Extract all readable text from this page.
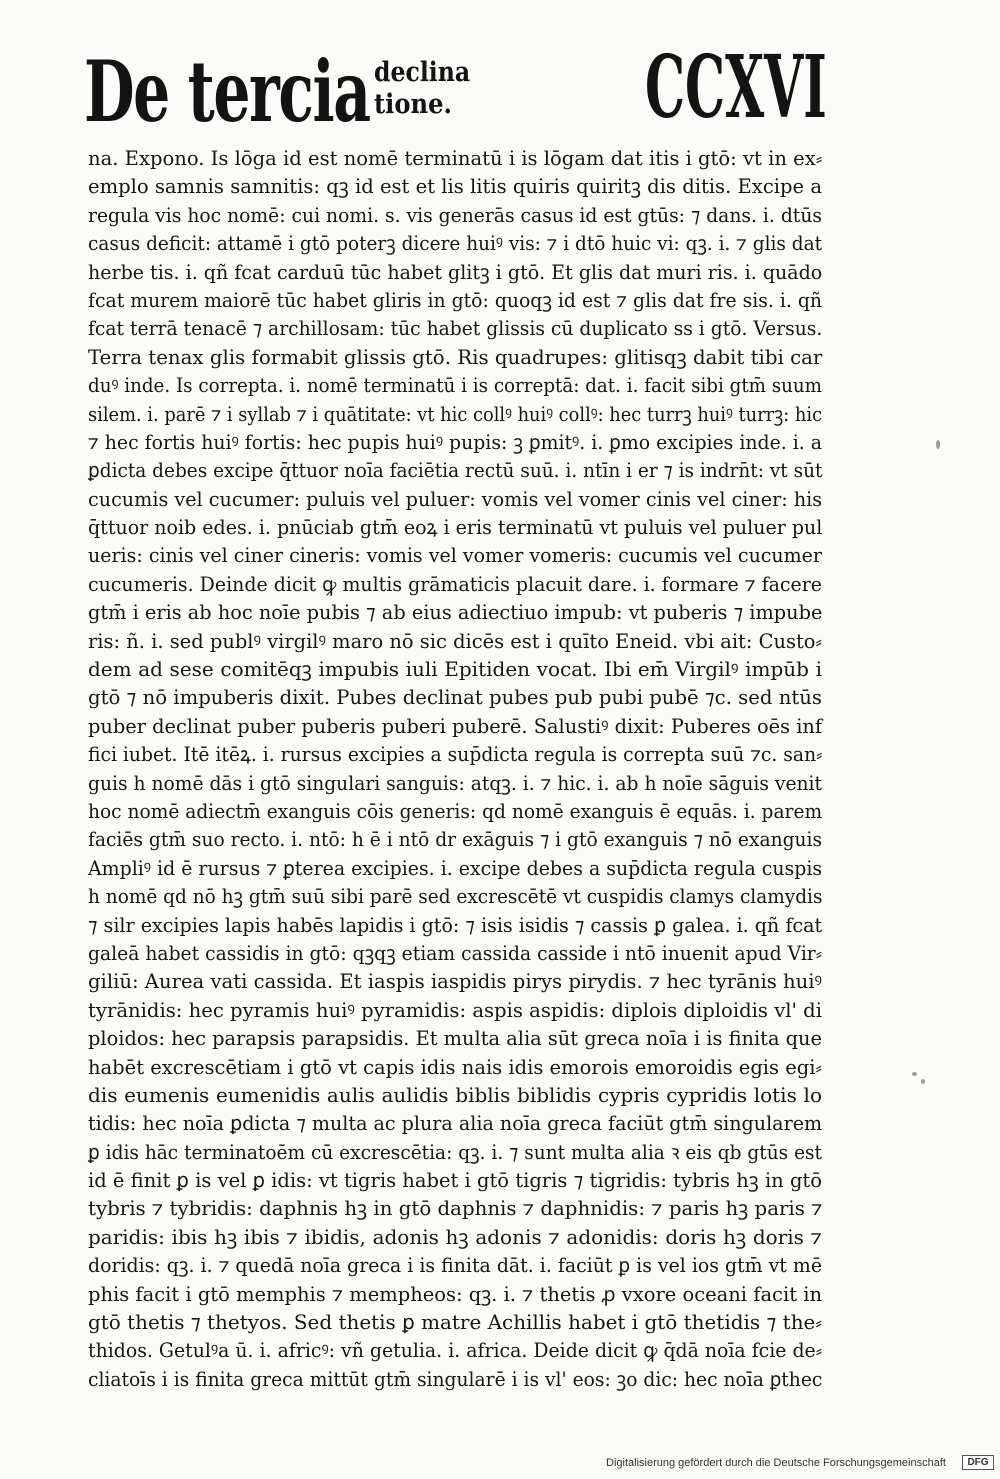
De tercia declina
tione. CCXVI
na. Expono. Is lōga id est nomē terminatū i is lōgam dat itis i gtō: vt in ex⸗
emplo samnis samnitis: qꝫ id est et lis litis quiris quiritꝫ dis ditis. Excipe a
regula vis hoc nomē: cui nomi. s. vis generās casus id est gtūs: ⁊ dans. i. dtūs
casus deficit: attamē i gtō poterꝫ dicere huiꝰ vis: ⁊ i dtō huic vi: qꝫ. i. ⁊ glis dat
herbe tis. i. qñ fcat carduū tūc habet glitꝫ i gtō. Et glis dat muri ris. i. quādo
fcat murem maiorē tūc habet gliris in gtō: quoqꝫ id est ⁊ glis dat fre sis. i. qñ
fcat terrā tenacē ⁊ archillosam: tūc habet glissis cū duplicato ss i gtō. Versus.
Terra tenax glis formabit glissis gtō. Ris quadrupes: glitisqꝫ dabit tibi car
duꝰ inde. Is correpta. i. nomē terminatū i is correptā: dat. i. facit sibi gtm̄ suum
silem. i. parē ⁊ i syllab ⁊ i quātitate: vt hic collꝰ huiꝰ collꝰ: hec turrꝫ huiꝰ turrꝫ: hic
⁊ hec fortis huiꝰ fortis: hec pupis huiꝰ pupis: ꝫ ꝑmitꝰ. i. ꝑmo excipies inde. i. a
ꝑdicta debes excipe q̄ttuor noīa faciētia rectū suū. i. ntīn i er ⁊ is indrn̄t: vt sūt
cucumis vel cucumer: puluis vel puluer: vomis vel vomer cinis vel ciner: his
q̄ttuor noib edes. i. pnūciab gtm̄ eoꝝ i eris terminatū vt puluis vel puluer pul
ueris: cinis vel ciner cineris: vomis vel vomer vomeris: cucumis vel cucumer
cucumeris. Deinde dicit ꝙ multis grāmaticis placuit dare. i. formare ⁊ facere
gtm̄ i eris ab hoc noīe pubis ⁊ ab eius adiectiuo impub: vt puberis ⁊ impube
ris: ñ. i. sed publꝰ virgilꝰ maro nō sic dicēs est i quīto Eneid. vbi ait: Custo⸗
dem ad sese comitēqꝫ impubis iuli Epitiden vocat. Ibi em̄ Virgilꝰ impūb i
gtō ⁊ nō impuberis dixit. Pubes declinat pubes pub pubi pubē ⁊c. sed ntūs
puber declinat puber puberis puberi puberē. Salustiꝰ dixit: Puberes oēs inf
fici iubet. Itē itēꝝ. i. rursus excipies a sup̄dicta regula is correpta suū ⁊c. san⸗
guis h nomē dās i gtō singulari sanguis: atqꝫ. i. ⁊ hic. i. ab h noīe sāguis venit
hoc nomē adiectm̄ exanguis cōis generis: qd nomē exanguis ē equās. i. parem
faciēs gtm̄ suo recto. i. ntō: h ē i ntō dr exāguis ⁊ i gtō exanguis ⁊ nō exanguis
Ampliꝰ id ē rursus ⁊ ꝑterea excipies. i. excipe debes a sup̄dicta regula cuspis
h nomē qd nō hꝫ gtm̄ suū sibi parē sed excrescētē vt cuspidis clamys clamydis
⁊ silr excipies lapis habēs lapidis i gtō: ⁊ isis isidis ⁊ cassis ꝑ galea. i. qñ fcat
galeā habet cassidis in gtō: qꝫqꝫ etiam cassida casside i ntō inuenit apud Vir⸗
giliū: Aurea vati cassida. Et iaspis iaspidis pirys pirydis. ⁊ hec tyrānis huiꝰ
tyrānidis: hec pyramis huiꝰ pyramidis: aspis aspidis: diplois diploidis vl' di
ploidos: hec parapsis parapsidis. Et multa alia sūt greca noīa i is finita que
habēt excrescētiam i gtō vt capis idis nais idis emorois emoroidis egis egi⸗
dis eumenis eumenidis aulis aulidis biblis biblidis cypris cypridis lotis lo
tidis: hec noīa ꝑdicta ⁊ multa ac plura alia noīa greca faciūt gtm̄ singularem
ꝑ idis hāc terminatoēm cū excrescētia: qꝫ. i. ⁊ sunt multa alia ꝛ eis qb gtūs est
id ē finit ꝑ is vel ꝑ idis: vt tigris habet i gtō tigris ⁊ tigridis: tybris hꝫ in gtō
tybris ⁊ tybridis: daphnis hꝫ in gtō daphnis ⁊ daphnidis: ⁊ paris hꝫ paris ⁊
paridis: ibis hꝫ ibis ⁊ ibidis, adonis hꝫ adonis ⁊ adonidis: doris hꝫ doris ⁊
doridis: qꝫ. i. ⁊ quedā noīa greca i is finita dāt. i. faciūt ꝑ is vel ios gtm̄ vt mē
phis facit i gtō memphis ⁊ mempheos: qꝫ. i. ⁊ thetis ꝓ vxore oceani facit in
gtō thetis ⁊ thetyos. Sed thetis ꝑ matre Achillis habet i gtō thetidis ⁊ the⸗
thidos. Getulꝰa ū. i. africꝰ: vñ getulia. i. africa. Deide dicit ꝙ q̄dā noīa fcie de⸗
cliatoīs i is finita greca mittūt gtm̄ singularē i is vl' eos: ꝫo dic: hec noīa ꝑthec
Digitalisierung gefördert durch die Deutsche Forschungsgemeinschaft	DFG
